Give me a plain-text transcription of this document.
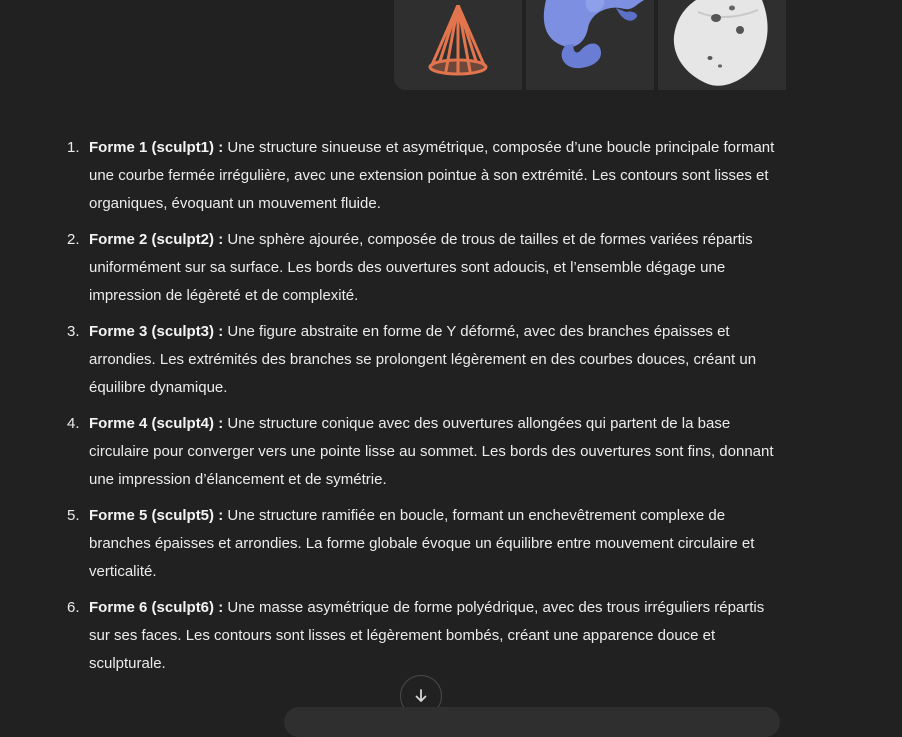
1. Forme 1 (sculpt1) : Une structure sinueuse et asymétrique, composée d’une boucle principale formant une courbe fermée irrégulière, avec une extension pointue à son extrémité. Les contours sont lisses et organiques, évoquant un mouvement fluide.
2. Forme 2 (sculpt2) : Une sphère ajourée, composée de trous de tailles et de formes variées répartis uniformément sur sa surface. Les bords des ouvertures sont adoucis, et l’ensemble dégage une impression de légèreté et de complexité.
3. Forme 3 (sculpt3) : Une figure abstraite en forme de Y déformé, avec des branches épaisses et arrondies. Les extrémités des branches se prolongent légèrement en des courbes douces, créant un équilibre dynamique.
4. Forme 4 (sculpt4) : Une structure conique avec des ouvertures allongées qui partent de la base circulaire pour converger vers une pointe lisse au sommet. Les bords des ouvertures sont fins, donnant une impression d’élancement et de symétrie.
5. Forme 5 (sculpt5) : Une structure ramifiée en boucle, formant un enchevêtrement complexe de branches épaisses et arrondies. La forme globale évoque un équilibre entre mouvement circulaire et verticalité.
6. Forme 6 (sculpt6) : Une masse asymétrique de forme polyédrique, avec des trous irréguliers répartis sur ses faces. Les contours sont lisses et légèrement bombés, créant une apparence douce et sculpturale.
